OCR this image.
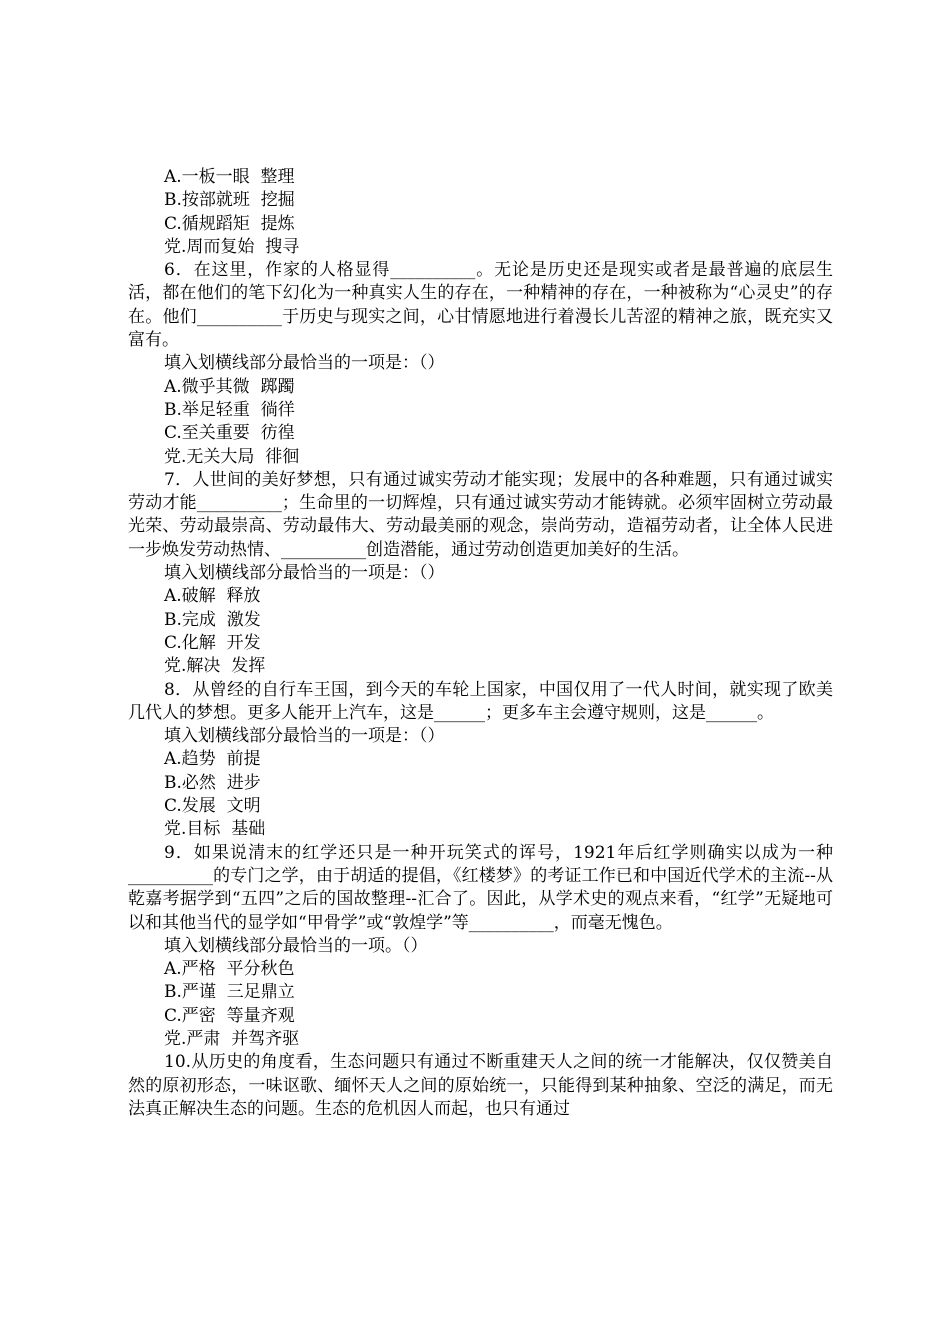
A.一板一眼  整理
B.按部就班  挖掘
C.循规蹈矩  提炼
党.周而复始  搜寻
6．在这里，作家的人格显得__________。无论是历史还是现实或者是最普遍的底层生活，都在他们的笔下幻化为一种真实人生的存在，一种精神的存在，一种被称为“心灵史”的存在。他们__________于历史与现实之间，心甘情愿地进行着漫长儿苦涩的精神之旅，既充实又富有。
填入划横线部分最恰当的一项是：（）
A.微乎其微  踯躅
B.举足轻重  徜徉
C.至关重要  彷徨
党.无关大局  徘徊
7．人世间的美好梦想，只有通过诚实劳动才能实现；发展中的各种难题，只有通过诚实劳动才能__________；生命里的一切辉煌，只有通过诚实劳动才能铸就。必须牢固树立劳动最光荣、劳动最崇高、劳动最伟大、劳动最美丽的观念，崇尚劳动，造福劳动者，让全体人民进一步焕发劳动热情、__________创造潜能，通过劳动创造更加美好的生活。
填入划横线部分最恰当的一项是：（）
A.破解  释放
B.完成  激发
C.化解  开发
党.解决  发挥
8．从曾经的自行车王国，到今天的车轮上国家，中国仅用了一代人时间，就实现了欧美几代人的梦想。更多人能开上汽车，这是______；更多车主会遵守规则，这是______。
填入划横线部分最恰当的一项是：（）
A.趋势  前提
B.必然  进步
C.发展  文明
党.目标  基础
9．如果说清末的红学还只是一种开玩笑式的诨号，1921年后红学则确实以成为一种__________的专门之学，由于胡适的提倡，《红楼梦》的考证工作已和中国近代学术的主流--从乾嘉考据学到“五四”之后的国故整理--汇合了。因此，从学术史的观点来看，“红学”无疑地可以和其他当代的显学如“甲骨学”或“敦煌学”等__________，而毫无愧色。
填入划横线部分最恰当的一项。（）
A.严格  平分秋色
B.严谨  三足鼎立
C.严密  等量齐观
党.严肃  并驾齐驱
10.从历史的角度看，生态问题只有通过不断重建天人之间的统一才能解决，仅仅赞美自然的原初形态，一味讴歌、缅怀天人之间的原始统一，只能得到某种抽象、空泛的满足，而无法真正解决生态的问题。生态的危机因人而起，也只有通过
